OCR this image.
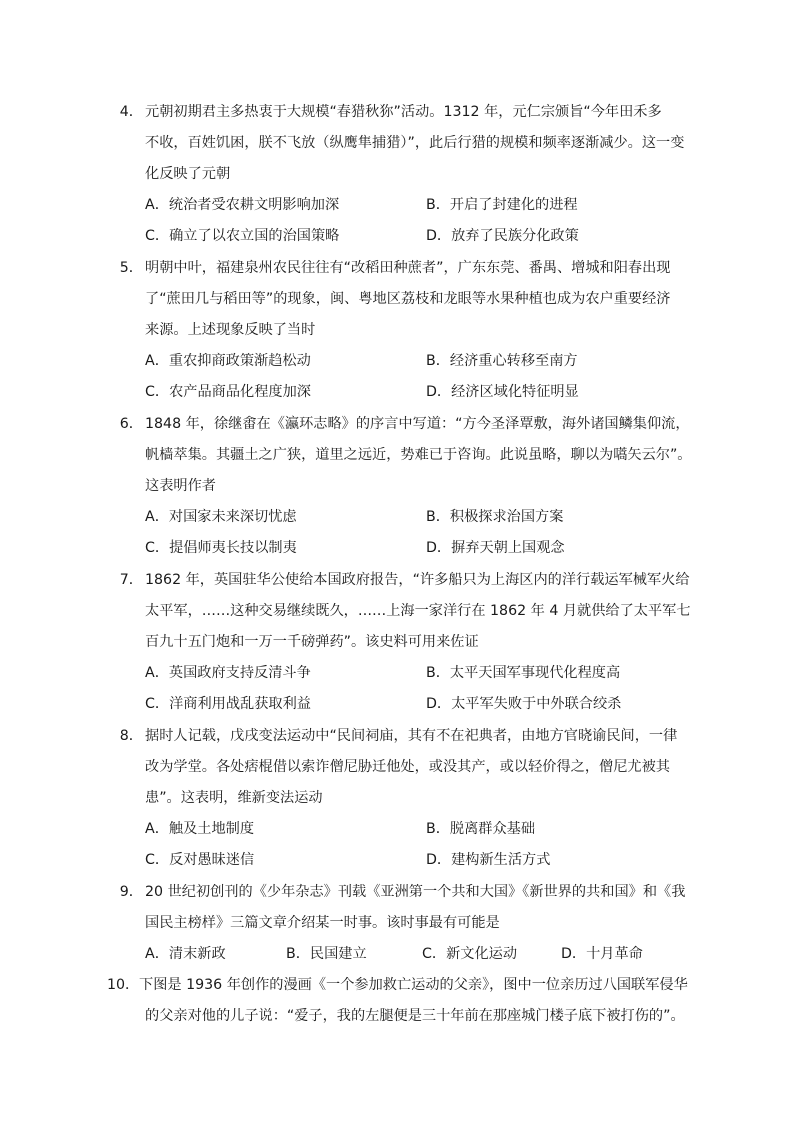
4． 元朝初期君主多热衷于大规模“春猎秋狝”活动。1312 年，元仁宗颁旨“今年田禾多
不收，百姓饥困，朕不飞放（纵鹰隼捕猎）”，此后行猎的规模和频率逐渐减少。这一变
化反映了元朝
A．统治者受农耕文明影响加深	B．开启了封建化的进程
C．确立了以农立国的治国策略	D．放弃了民族分化政策
5． 明朝中叶，福建泉州农民往往有“改稻田种蔗者”，广东东莞、番禺、增城和阳春出现
了“蔗田几与稻田等”的现象，闽、粤地区荔枝和龙眼等水果种植也成为农户重要经济
来源。上述现象反映了当时
A．重农抑商政策渐趋松动	B．经济重心转移至南方
C．农产品商品化程度加深	D．经济区域化特征明显
6． 1848 年，徐继畬在《瀛环志略》的序言中写道：“方今圣泽覃敷，海外诸国鳞集仰流，
帆樯萃集。其疆土之广狭，道里之远近，势难已于咨询。此说虽略，聊以为嚆矢云尔”。
这表明作者
A．对国家未来深切忧虑	B．积极探求治国方案
C．提倡师夷长技以制夷	D．摒弃天朝上国观念
7． 1862 年，英国驻华公使给本国政府报告，“许多船只为上海区内的洋行载运军械军火给
太平军，……这种交易继续既久，……上海一家洋行在 1862 年 4 月就供给了太平军七
百九十五门炮和一万一千磅弹药”。该史料可用来佐证
A．英国政府支持反清斗争	B．太平天国军事现代化程度高
C．洋商利用战乱获取利益	D．太平军失败于中外联合绞杀
8． 据时人记载，戊戌变法运动中“民间祠庙，其有不在祀典者，由地方官晓谕民间，一律
改为学堂。各处痞棍借以索诈僧尼胁迁他处，或没其产，或以轻价得之，僧尼尤被其
患”。这表明，维新变法运动
A．触及土地制度	B．脱离群众基础
C．反对愚昧迷信	D．建构新生活方式
9． 20 世纪初创刊的《少年杂志》刊载《亚洲第一个共和大国》《新世界的共和国》和《我
国民主榜样》三篇文章介绍某一时事。该时事最有可能是
A．清末新政	B．民国建立	C．新文化运动	D．十月革命
10．下图是 1936 年创作的漫画《一个参加救亡运动的父亲》，图中一位亲历过八国联军侵华
的父亲对他的儿子说：“爱子，我的左腿便是三十年前在那座城门楼子底下被打伤的”。
